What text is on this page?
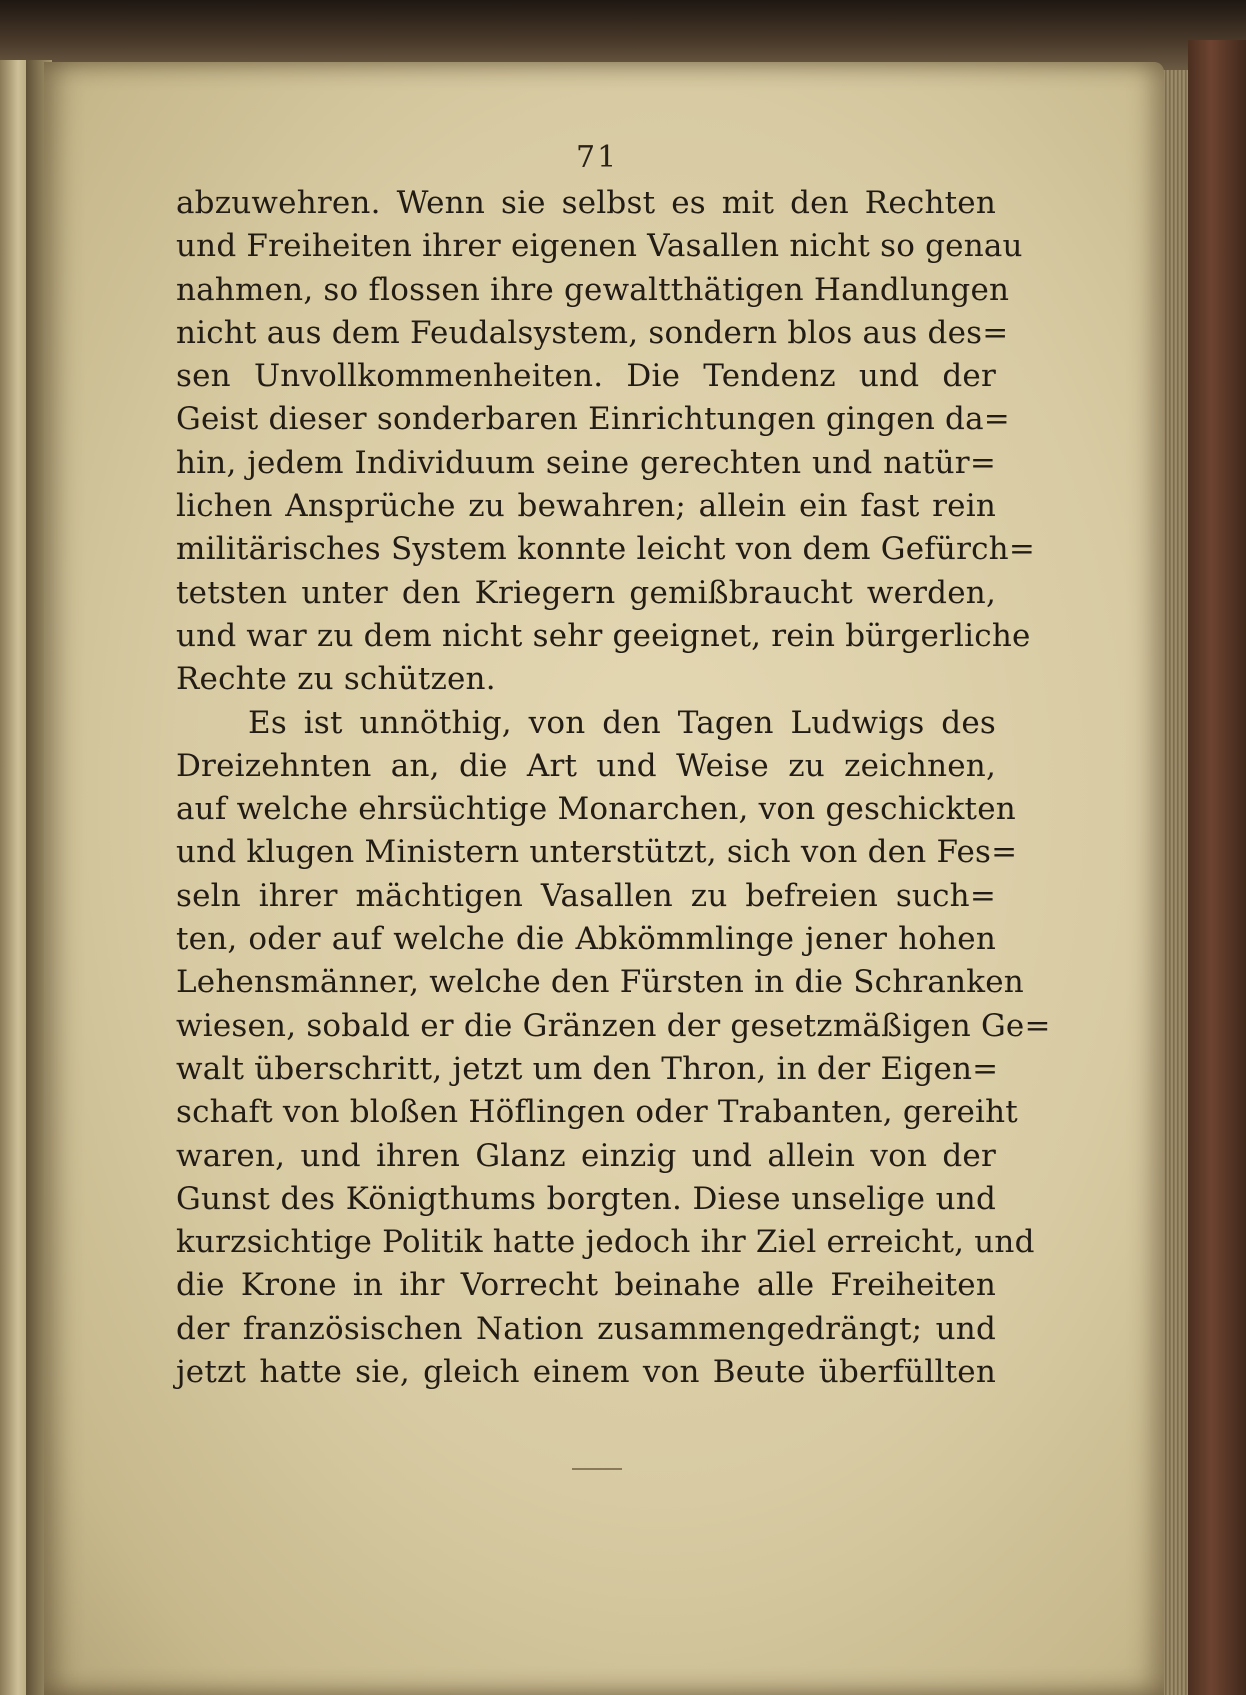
71
abzuwehren. Wenn sie selbst es mit den Rechten
und Freiheiten ihrer eigenen Vasallen nicht so genau
nahmen, so flossen ihre gewaltthätigen Handlungen
nicht aus dem Feudalsystem, sondern blos aus des=
sen Unvollkommenheiten. Die Tendenz und der
Geist dieser sonderbaren Einrichtungen gingen da=
hin, jedem Individuum seine gerechten und natür=
lichen Ansprüche zu bewahren; allein ein fast rein
militärisches System konnte leicht von dem Gefürch=
tetsten unter den Kriegern gemißbraucht werden,
und war zu dem nicht sehr geeignet, rein bürgerliche
Rechte zu schützen.
Es ist unnöthig, von den Tagen Ludwigs des
Dreizehnten an, die Art und Weise zu zeichnen,
auf welche ehrsüchtige Monarchen, von geschickten
und klugen Ministern unterstützt, sich von den Fes=
seln ihrer mächtigen Vasallen zu befreien such=
ten, oder auf welche die Abkömmlinge jener hohen
Lehensmänner, welche den Fürsten in die Schranken
wiesen, sobald er die Gränzen der gesetzmäßigen Ge=
walt überschritt, jetzt um den Thron, in der Eigen=
schaft von bloßen Höflingen oder Trabanten, gereiht
waren, und ihren Glanz einzig und allein von der
Gunst des Königthums borgten. Diese unselige und
kurzsichtige Politik hatte jedoch ihr Ziel erreicht, und
die Krone in ihr Vorrecht beinahe alle Freiheiten
der französischen Nation zusammengedrängt; und
jetzt hatte sie, gleich einem von Beute überfüllten
